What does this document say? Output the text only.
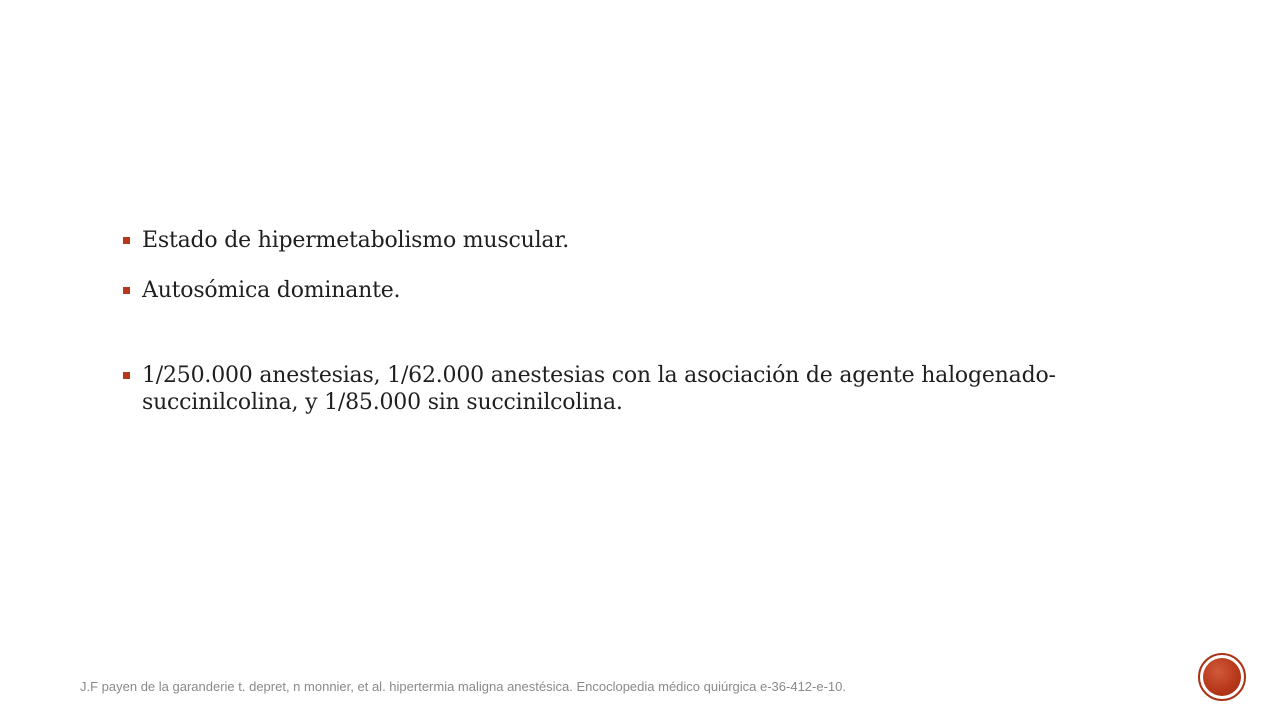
Estado de hipermetabolismo muscular.
Autosómica dominante.
1/250.000 anestesias, 1/62.000 anestesias con la asociación de agente halogenado-succinilcolina, y 1/85.000 sin succinilcolina.
J.F payen de la garanderie t. depret, n monnier, et al. hipertermia maligna anestésica. Encoclopedia médico quiúrgica e-36-412-e-10.
